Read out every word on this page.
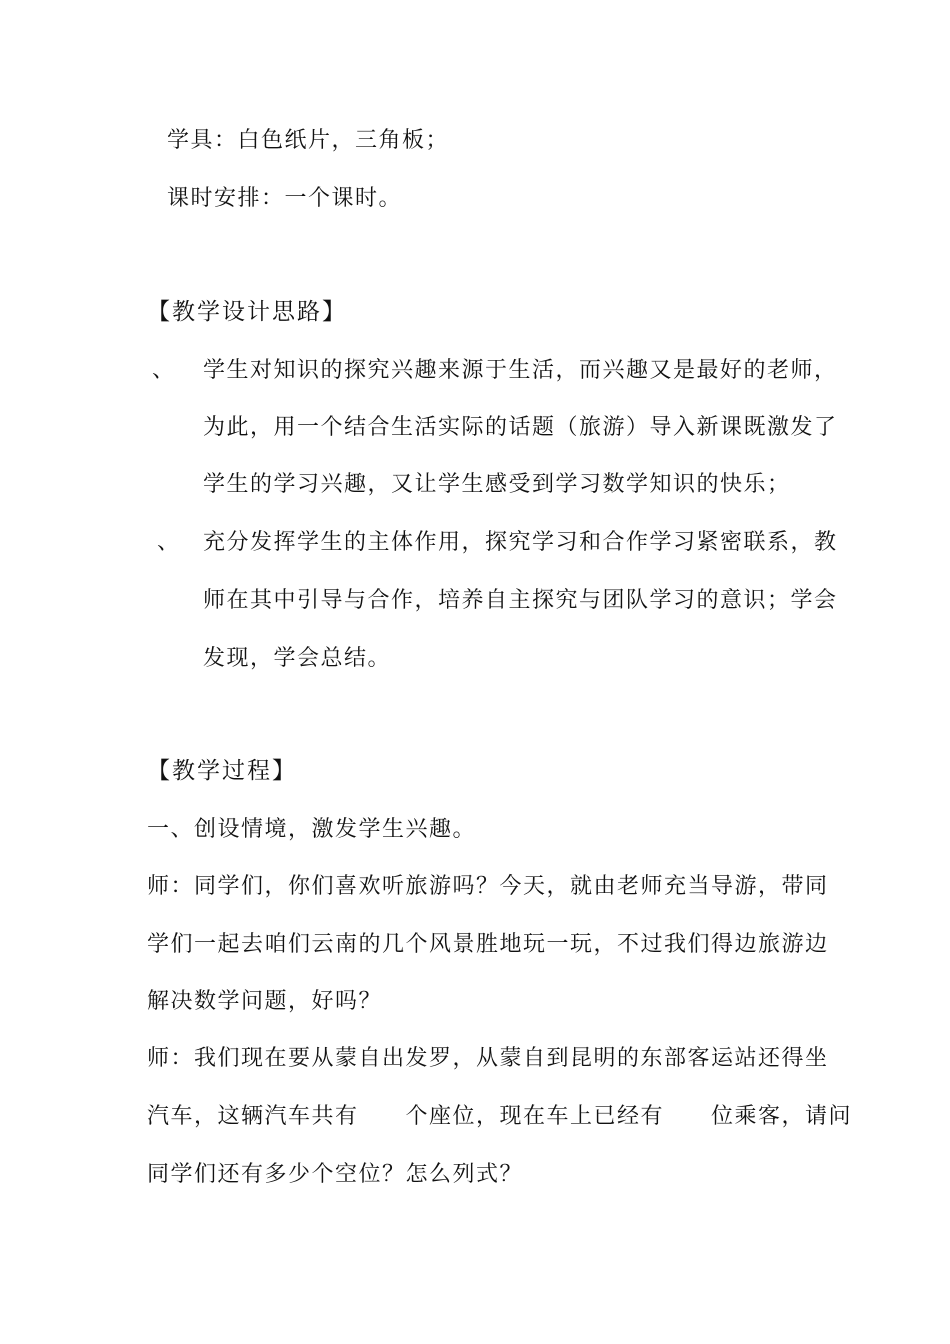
学具：白色纸片，三角板；
课时安排：一个课时。
【教学设计思路】
、 学生对知识的探究兴趣来源于生活，而兴趣又是最好的老师，
为此，用一个结合生活实际的话题（旅游）导入新课既激发了
学生的学习兴趣，又让学生感受到学习数学知识的快乐；
、 充分发挥学生的主体作用，探究学习和合作学习紧密联系，教
师在其中引导与合作，培养自主探究与团队学习的意识；学会
发现，学会总结。
【教学过程】
一、创设情境，激发学生兴趣。
师：同学们，你们喜欢听旅游吗？今天，就由老师充当导游，带同
学们一起去咱们云南的几个风景胜地玩一玩，不过我们得边旅游边
解决数学问题，好吗？
师：我们现在要从蒙自出发罗，从蒙自到昆明的东部客运站还得坐
汽车，这辆汽车共有　　个座位，现在车上已经有　　位乘客，请问
同学们还有多少个空位？怎么列式？
